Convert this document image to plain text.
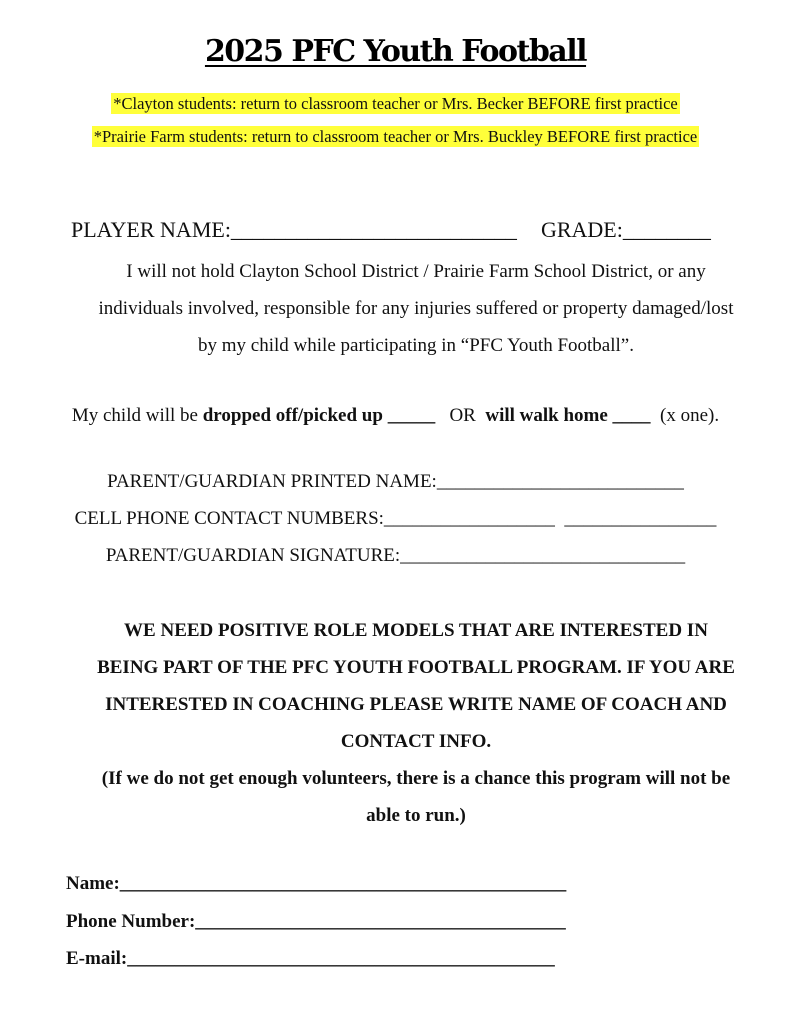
2025 PFC Youth Football
*Clayton students: return to classroom teacher or Mrs. Becker BEFORE first practice
*Prairie Farm students: return to classroom teacher or Mrs. Buckley BEFORE first practice
PLAYER NAME:__________________________ GRADE:________
I will not hold Clayton School District / Prairie Farm School District, or any
individuals involved, responsible for any injuries suffered or property damaged/lost
by my child while participating in “PFC Youth Football”.
My child will be dropped off/picked up _____   OR  will walk home ____  (x one).
PARENT/GUARDIAN PRINTED NAME:__________________________
CELL PHONE CONTACT NUMBERS:__________________  ________________
PARENT/GUARDIAN SIGNATURE:______________________________
WE NEED POSITIVE ROLE MODELS THAT ARE INTERESTED IN
BEING PART OF THE PFC YOUTH FOOTBALL PROGRAM. IF YOU ARE
INTERESTED IN COACHING PLEASE WRITE NAME OF COACH AND
CONTACT INFO.
(If we do not get enough volunteers, there is a chance this program will not be
able to run.)
Name:_______________________________________________
Phone Number:_______________________________________
E-mail:_____________________________________________
